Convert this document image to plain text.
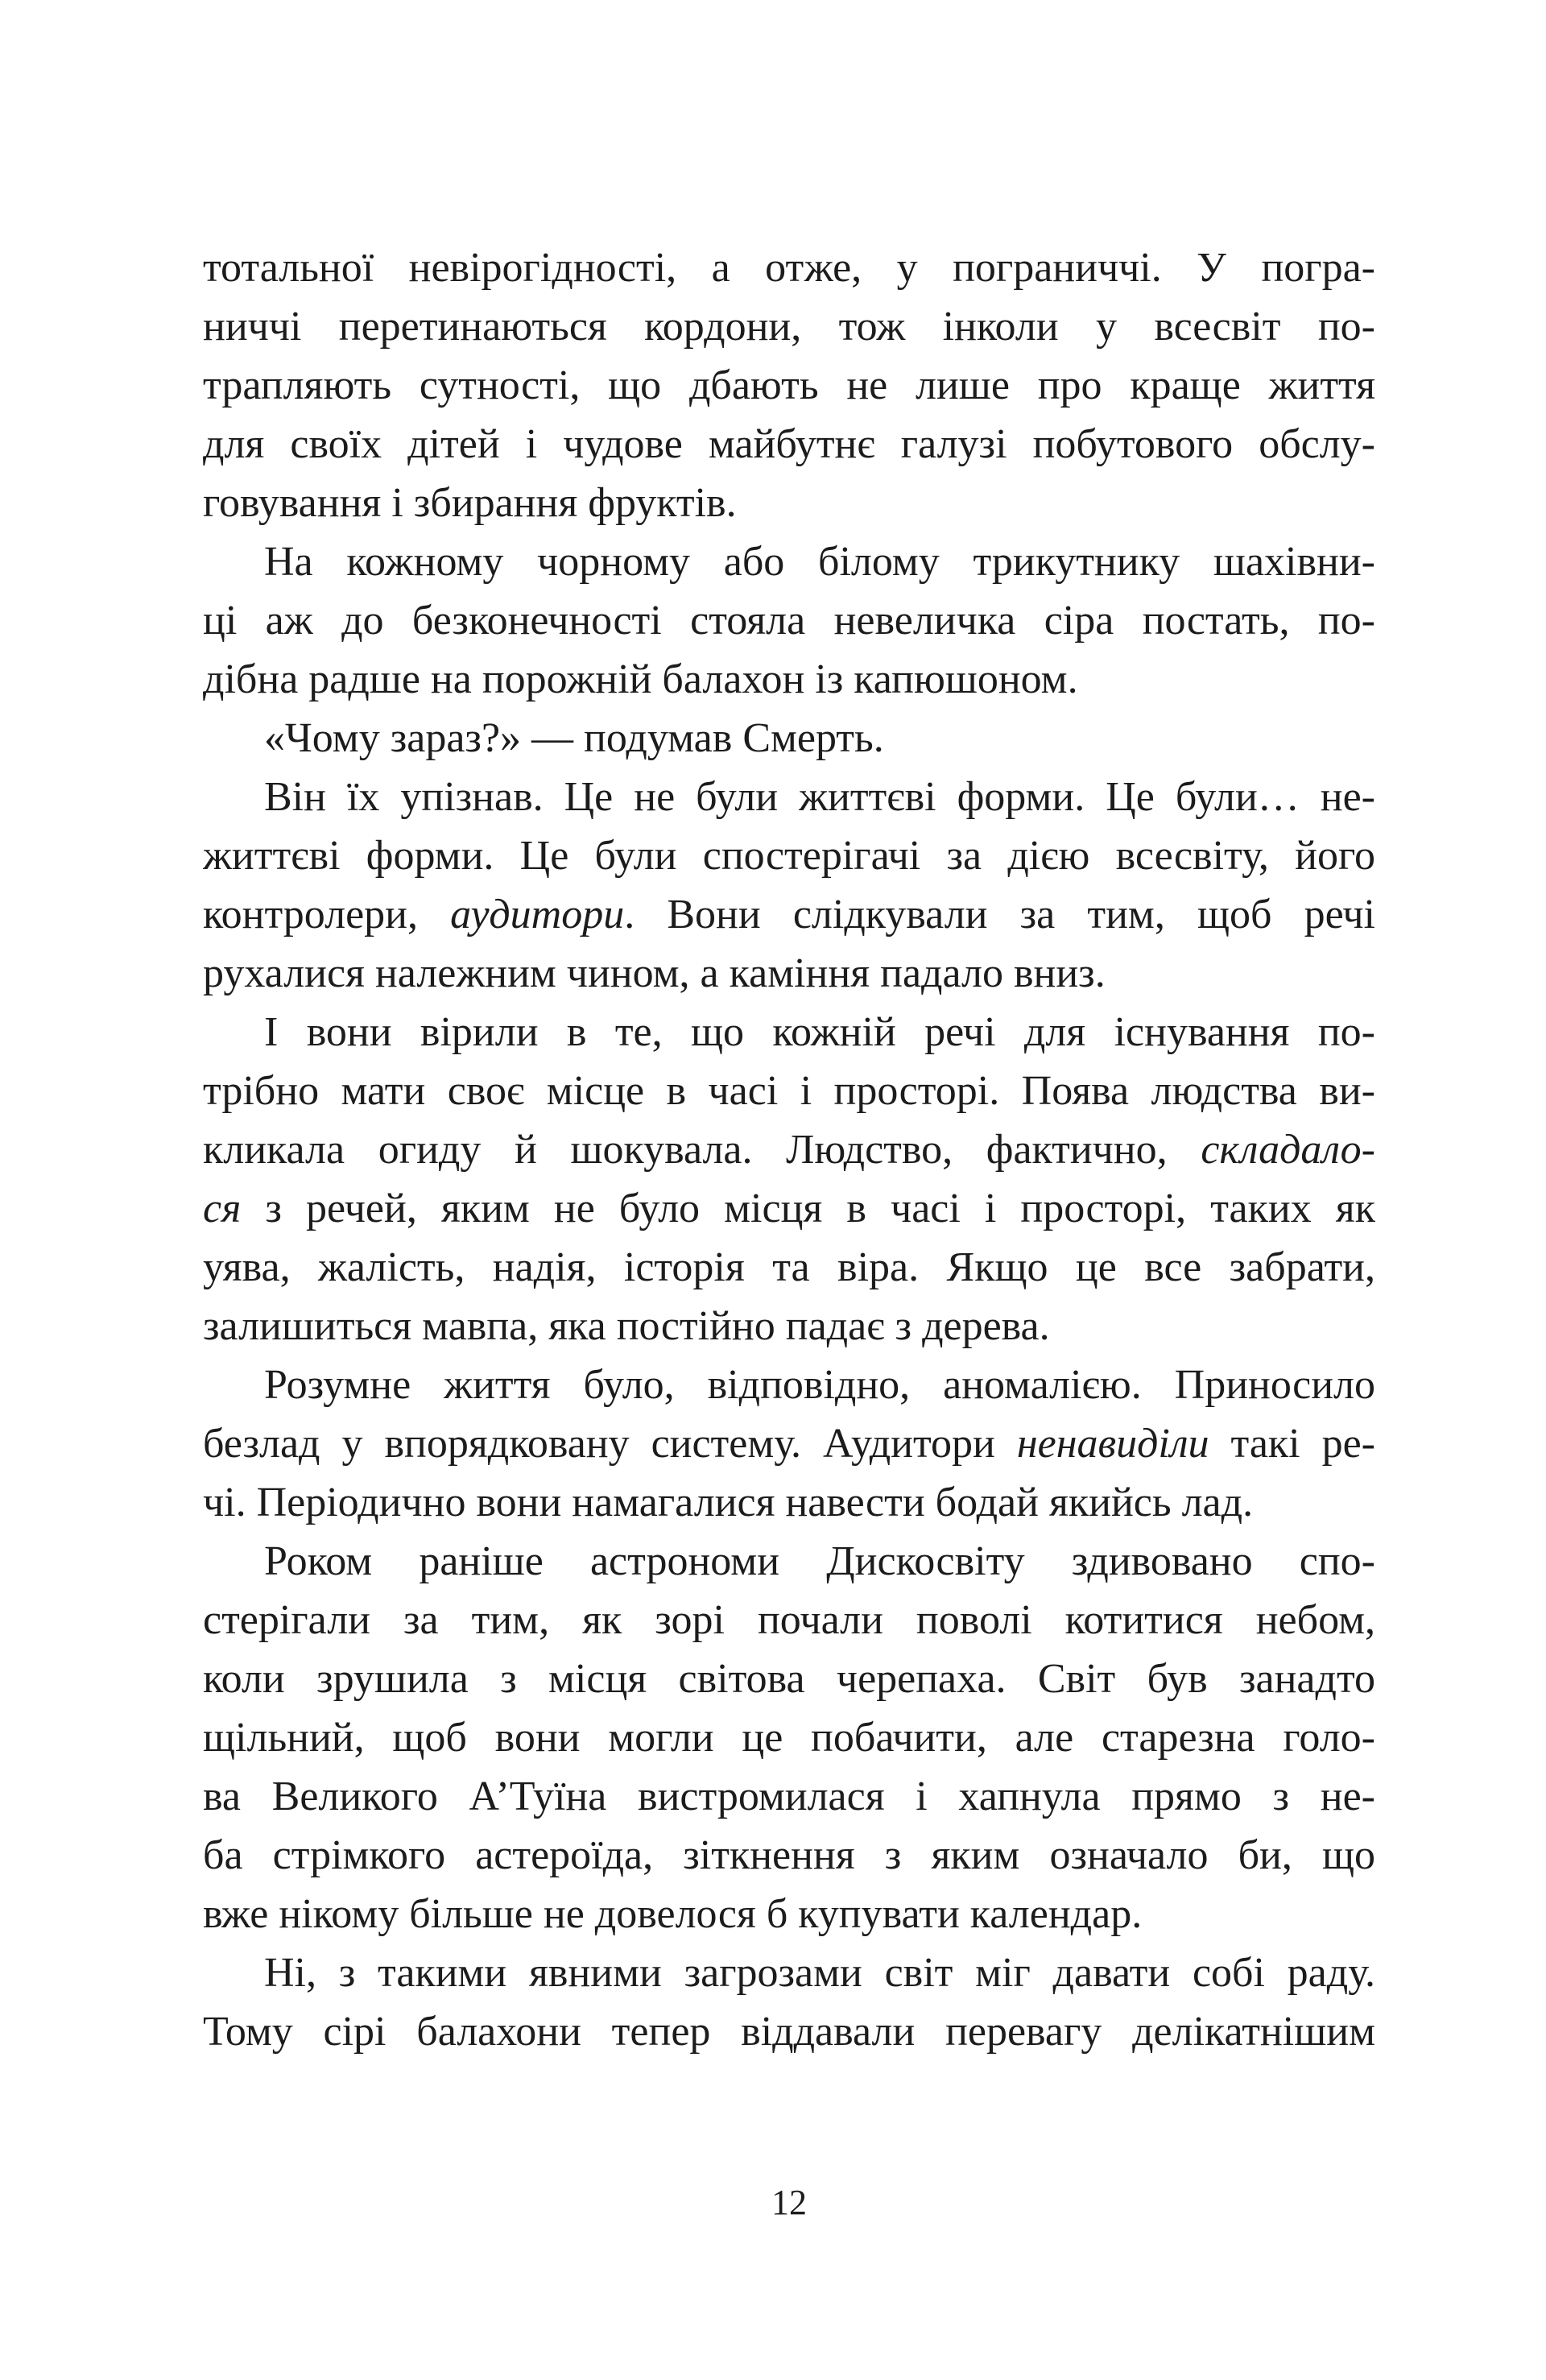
тотальної невірогідності, а отже, у пограниччі. У погра-
ниччі перетинаються кордони, тож інколи у всесвіт по-
трапляють сутності, що дбають не лише про краще життя
для своїх дітей і чудове майбутнє галузі побутового обслу-
говування і збирання фруктів.
На кожному чорному або білому трикутнику шахівни-
ці аж до безконечності стояла невеличка сіра постать, по-
дібна радше на порожній балахон із капюшоном.
«Чому зараз?» — подумав Смерть.
Він їх упізнав. Це не були життєві форми. Це були… не-
життєві форми. Це були спостерігачі за дією всесвіту, його
контролери, аудитори. Вони слідкували за тим, щоб речі
рухалися належним чином, а каміння падало вниз.
І вони вірили в те, що кожній речі для існування по-
трібно мати своє місце в часі і просторі. Поява людства ви-
кликала огиду й шокувала. Людство, фактично, складало-
ся з речей, яким не було місця в часі і просторі, таких як
уява, жалість, надія, історія та віра. Якщо це все забрати,
залишиться мавпа, яка постійно падає з дерева.
Розумне життя було, відповідно, аномалією. Приносило
безлад у впорядковану систему. Аудитори ненавиділи такі ре-
чі. Періодично вони намагалися навести бодай якийсь лад.
Роком раніше астрономи Дискосвіту здивовано спо-
стерігали за тим, як зорі почали поволі котитися небом,
коли зрушила з місця світова черепаха. Світ був занадто
щільний, щоб вони могли це побачити, але старезна голо-
ва Великого А’Туїна вистромилася і хапнула прямо з не-
ба стрімкого астероїда, зіткнення з яким означало би, що
вже нікому більше не довелося б купувати календар.
Ні, з такими явними загрозами світ міг давати собі раду.
Тому сірі балахони тепер віддавали перевагу делікатнішим
12
